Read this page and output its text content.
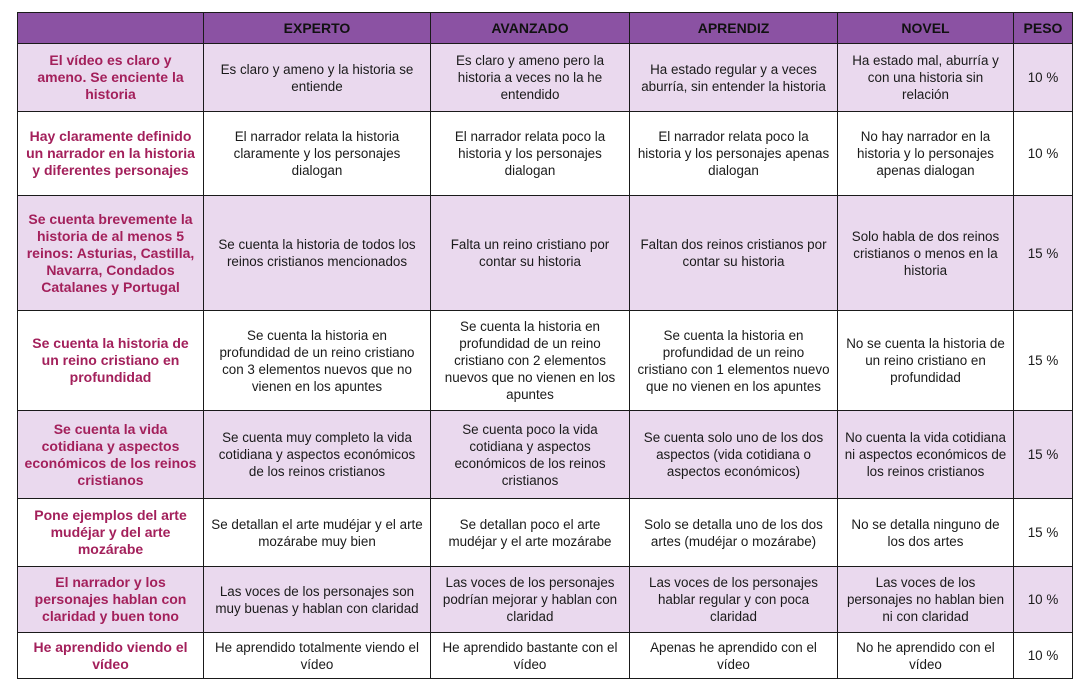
	EXPERTO	AVANZADO	APRENDIZ	NOVEL	PESO
El vídeo es claro y ameno. Se enciente la historia	Es claro y ameno y la historia se entiende	Es claro y ameno pero la historia a veces no la he entendido	Ha estado regular y a veces aburría, sin entender la historia	Ha estado mal, aburría y con una historia sin relación	10 %
Hay claramente definido un narrador en la historia y diferentes personajes	El narrador relata la historia claramente y los personajes dialogan	El narrador relata poco la historia y los personajes dialogan	El narrador relata poco la historia y los personajes apenas dialogan	No hay narrador en la historia y lo personajes apenas dialogan	10 %
Se cuenta brevemente la historia de al menos 5 reinos: Asturias, Castilla, Navarra, Condados Catalanes y Portugal	Se cuenta la historia de todos los reinos cristianos mencionados	Falta un reino cristiano por contar su historia	Faltan dos reinos cristianos por contar su historia	Solo habla de dos reinos cristianos o menos en la historia	15 %
Se cuenta la historia de un reino cristiano en profundidad	Se cuenta la historia en profundidad de un reino cristiano con 3 elementos nuevos que no vienen en los apuntes	Se cuenta la historia en profundidad de un reino cristiano con 2 elementos nuevos que no vienen en los apuntes	Se cuenta la historia en profundidad de un reino cristiano con 1 elementos nuevo que no vienen en los apuntes	No se cuenta la historia de un reino cristiano en profundidad	15 %
Se cuenta la vida cotidiana y aspectos económicos de los reinos cristianos	Se cuenta muy completo la vida cotidiana y aspectos económicos de los reinos cristianos	Se cuenta poco la vida cotidiana y aspectos económicos de los reinos cristianos	Se cuenta solo uno de los dos aspectos (vida cotidiana o aspectos económicos)	No cuenta la vida cotidiana ni aspectos económicos de los reinos cristianos	15 %
Pone ejemplos del arte mudéjar y del arte mozárabe	Se detallan el arte mudéjar y el arte mozárabe muy bien	Se detallan poco el arte mudéjar y el arte mozárabe	Solo se detalla uno de los dos artes (mudéjar o mozárabe)	No se detalla ninguno de los dos artes	15 %
El narrador y los personajes hablan con claridad y buen tono	Las voces de los personajes son muy buenas y hablan con claridad	Las voces de los personajes podrían mejorar y hablan con claridad	Las voces de los personajes hablar regular y con poca claridad	Las voces de los personajes no hablan bien ni con claridad	10 %
He aprendido viendo el vídeo	He aprendido totalmente viendo el vídeo	He aprendido bastante con el vídeo	Apenas he aprendido con el vídeo	No he aprendido con el vídeo	10 %
